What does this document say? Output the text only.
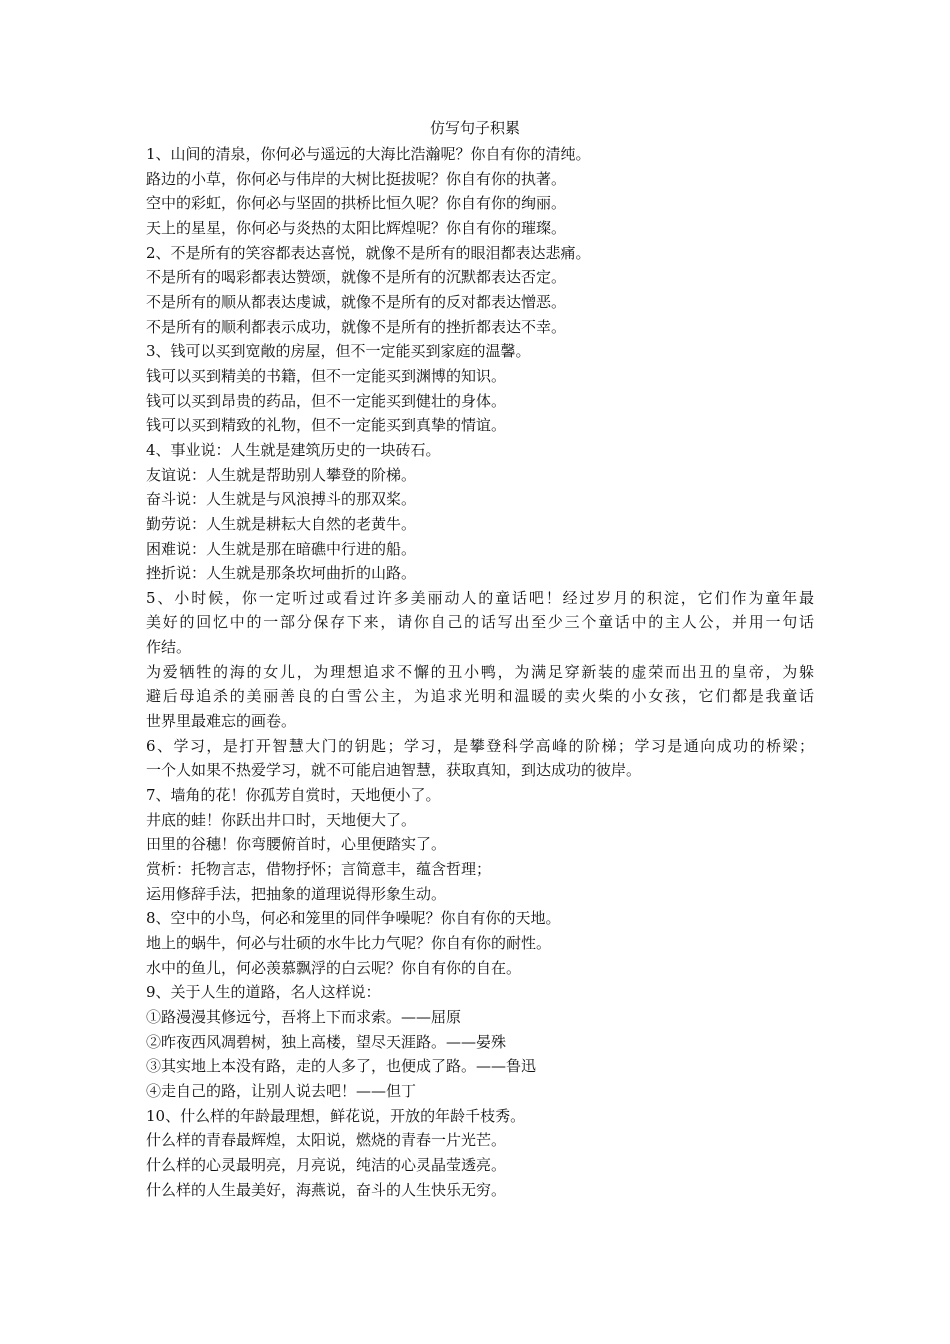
仿写句子积累
1、山间的清泉，你何必与遥远的大海比浩瀚呢？你自有你的清纯。
路边的小草，你何必与伟岸的大树比挺拔呢？你自有你的执著。
空中的彩虹，你何必与坚固的拱桥比恒久呢？你自有你的绚丽。
天上的星星，你何必与炎热的太阳比辉煌呢？你自有你的璀璨。
2、不是所有的笑容都表达喜悦，就像不是所有的眼泪都表达悲痛。
不是所有的喝彩都表达赞颂，就像不是所有的沉默都表达否定。
不是所有的顺从都表达虔诚，就像不是所有的反对都表达憎恶。
不是所有的顺利都表示成功，就像不是所有的挫折都表达不幸。
3、钱可以买到宽敞的房屋，但不一定能买到家庭的温馨。
钱可以买到精美的书籍，但不一定能买到渊博的知识。
钱可以买到昂贵的药品，但不一定能买到健壮的身体。
钱可以买到精致的礼物，但不一定能买到真挚的情谊。
4、事业说：人生就是建筑历史的一块砖石。
友谊说：人生就是帮助别人攀登的阶梯。
奋斗说：人生就是与风浪搏斗的那双桨。
勤劳说：人生就是耕耘大自然的老黄牛。
困难说：人生就是那在暗礁中行进的船。
挫折说：人生就是那条坎坷曲折的山路。
5、小时候，你一定听过或看过许多美丽动人的童话吧！经过岁月的积淀，它们作为童年最
美好的回忆中的一部分保存下来，请你自己的话写出至少三个童话中的主人公，并用一句话
作结。
为爱牺牲的海的女儿，为理想追求不懈的丑小鸭，为满足穿新装的虚荣而出丑的皇帝，为躲
避后母追杀的美丽善良的白雪公主，为追求光明和温暖的卖火柴的小女孩，它们都是我童话
世界里最难忘的画卷。
6、学习，是打开智慧大门的钥匙；学习，是攀登科学高峰的阶梯；学习是通向成功的桥梁；
一个人如果不热爱学习，就不可能启迪智慧，获取真知，到达成功的彼岸。
7、墙角的花！你孤芳自赏时，天地便小了。
井底的蛙！你跃出井口时，天地便大了。
田里的谷穗！你弯腰俯首时，心里便踏实了。
赏析：托物言志，借物抒怀；言简意丰，蕴含哲理；
运用修辞手法，把抽象的道理说得形象生动。
8、空中的小鸟，何必和笼里的同伴争噪呢？你自有你的天地。
地上的蜗牛，何必与壮硕的水牛比力气呢？你自有你的耐性。
水中的鱼儿，何必羡慕飘浮的白云呢？你自有你的自在。
9、关于人生的道路，名人这样说：
①路漫漫其修远兮，吾将上下而求索。——屈原
②昨夜西风凋碧树，独上高楼，望尽天涯路。——晏殊
③其实地上本没有路，走的人多了，也便成了路。——鲁迅
④走自己的路，让别人说去吧！——但丁
10、什么样的年龄最理想，鲜花说，开放的年龄千枝秀。
什么样的青春最辉煌，太阳说，燃烧的青春一片光芒。
什么样的心灵最明亮，月亮说，纯洁的心灵晶莹透亮。
什么样的人生最美好，海燕说，奋斗的人生快乐无穷。
